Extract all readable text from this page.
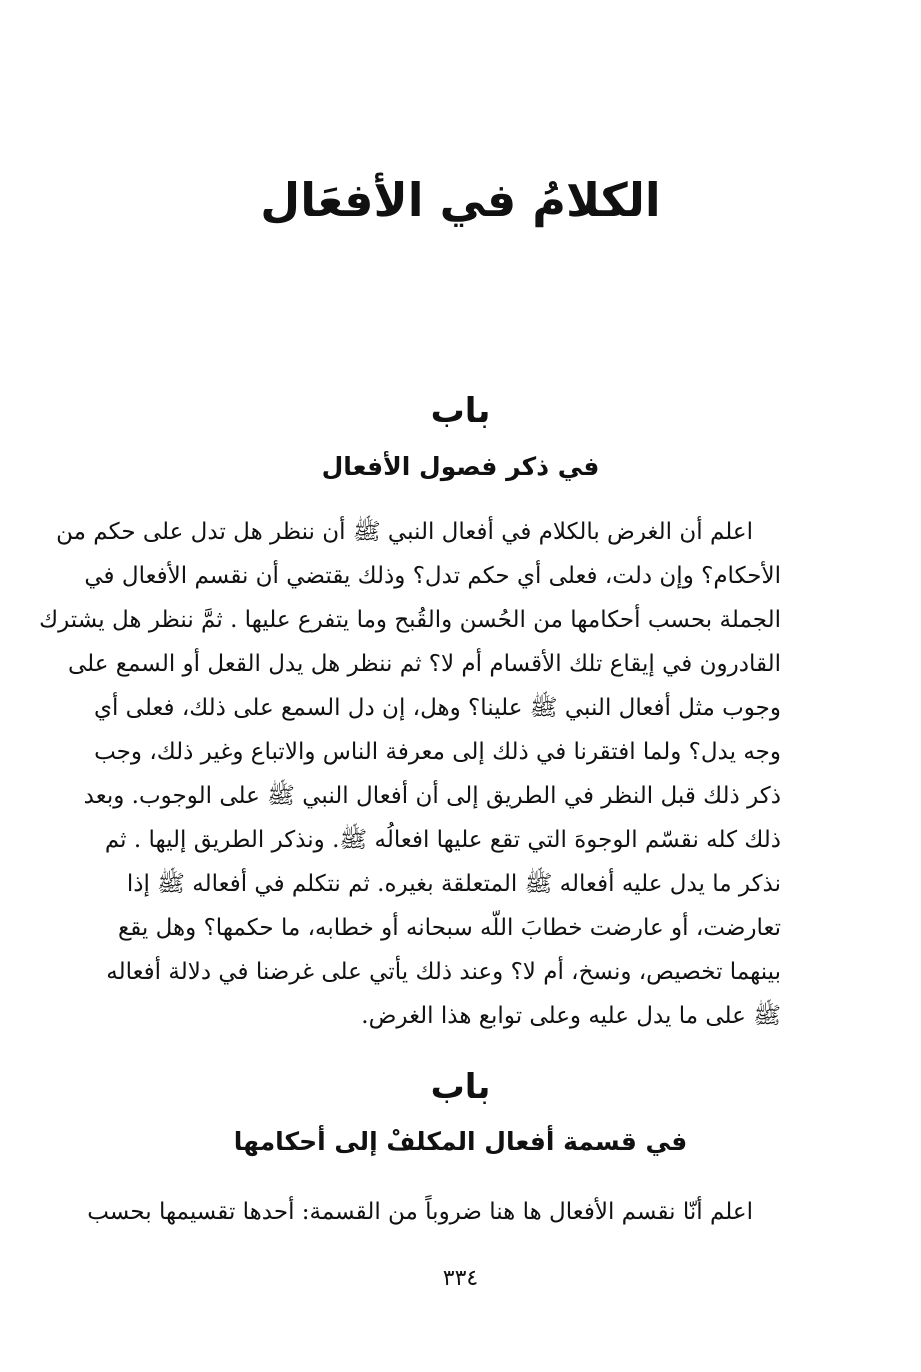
الكلامُ في الأفعَال
باب
في ذكر فصول الأفعال
اعلم أن الغرض بالكلام في أفعال النبي ﷺ أن ننظر هل تدل على حكم من
الأحكام؟ وإن دلت، فعلى أي حكم تدل؟ وذلك يقتضي أن نقسم الأفعال في
الجملة بحسب أحكامها من الحُسن والقُبح وما يتفرع عليها . ثمَّ ننظر هل يشترك
القادرون في إيقاع تلك الأقسام أم لا؟ ثم ننظر هل يدل القعل أو السمع على
وجوب مثل أفعال النبي ﷺ علينا؟ وهل، إن دل السمع على ذلك، فعلى أي
وجه يدل؟ ولما افتقرنا في ذلك إلى معرفة الناس والاتباع وغير ذلك، وجب
ذكر ذلك قبل النظر في الطريق إلى أن أفعال النبي ﷺ على الوجوب. وبعد
ذلك كله نقسّم الوجوهَ التي تقع عليها افعالُه ﷺ. ونذكر الطريق إليها . ثم
نذكر ما يدل عليه أفعاله ﷺ المتعلقة بغيره. ثم نتكلم في أفعاله ﷺ إذا
تعارضت، أو عارضت خطابَ اللّه سبحانه أو خطابه، ما حكمها؟ وهل يقع
بينهما تخصيص، ونسخ، أم لا؟ وعند ذلك يأتي على غرضنا في دلالة أفعاله
ﷺ على ما يدل عليه وعلى توابع هذا الغرض.
باب
في قسمة أفعال المكلفْ إلى أحكامها
اعلم أنّا نقسم الأفعال ها هنا ضروباً من القسمة: أحدها تقسيمها بحسب
٣٣٤
